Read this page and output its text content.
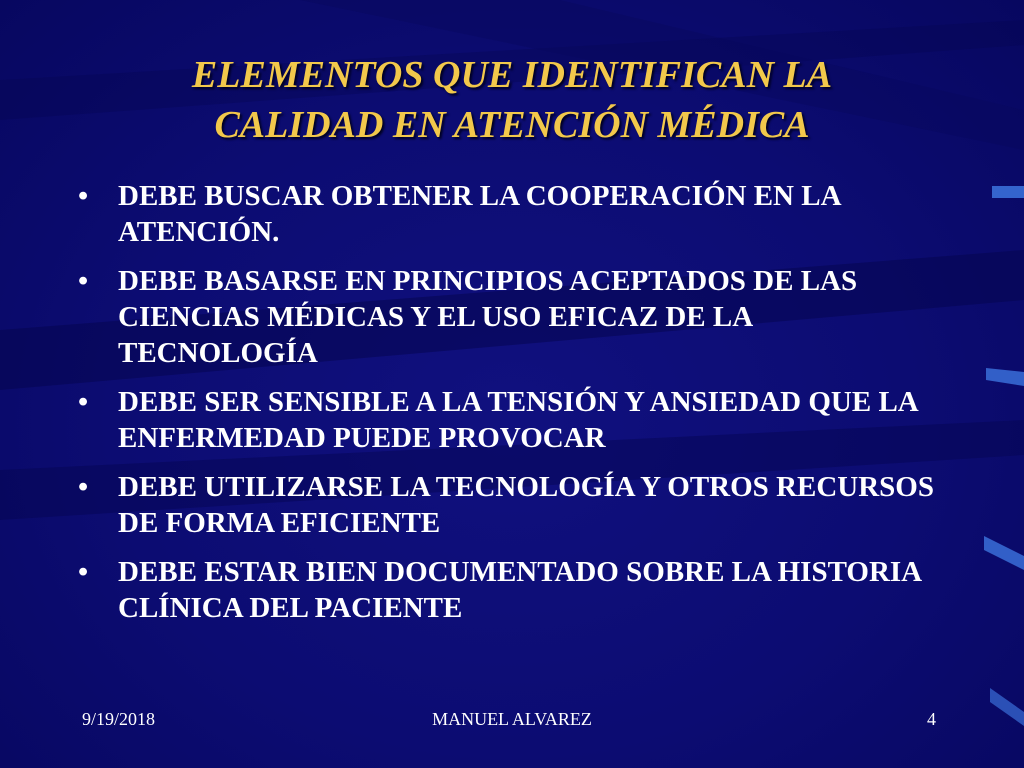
ELEMENTOS QUE IDENTIFICAN LA
CALIDAD EN ATENCIÓN MÉDICA
• DEBE BUSCAR OBTENER LA COOPERACIÓN EN LA ATENCIÓN.
• DEBE BASARSE EN PRINCIPIOS ACEPTADOS DE LAS CIENCIAS MÉDICAS Y EL USO EFICAZ DE LA TECNOLOGÍA
• DEBE SER SENSIBLE A LA TENSIÓN Y ANSIEDAD QUE LA ENFERMEDAD PUEDE PROVOCAR
• DEBE UTILIZARSE LA TECNOLOGÍA Y OTROS RECURSOS DE FORMA EFICIENTE
• DEBE ESTAR BIEN DOCUMENTADO SOBRE LA HISTORIA CLÍNICA DEL PACIENTE
9/19/2018	MANUEL ALVAREZ	4
